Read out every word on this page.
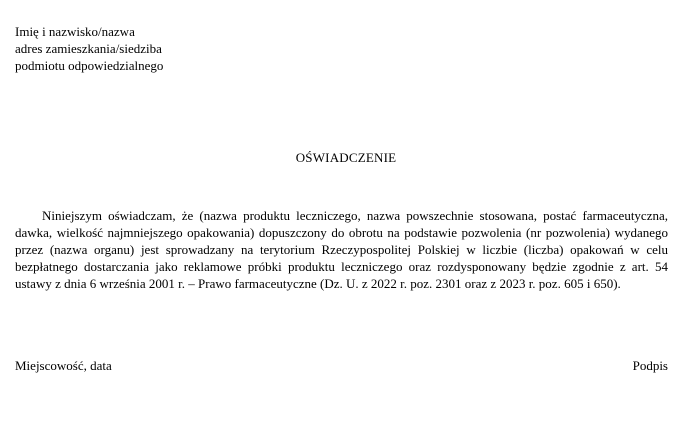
Imię i nazwisko/nazwa
adres zamieszkania/siedziba
podmiotu odpowiedzialnego
OŚWIADCZENIE
Niniejszym oświadczam, że (nazwa produktu leczniczego, nazwa powszechnie stosowana, postać farmaceutyczna, dawka, wielkość najmniejszego opakowania) dopuszczony do obrotu na podstawie pozwolenia (nr pozwolenia) wydanego przez (nazwa organu) jest sprowadzany na terytorium Rzeczypospolitej Polskiej w liczbie (liczba) opakowań w celu bezpłatnego dostarczania jako reklamowe próbki produktu leczniczego oraz rozdysponowany będzie zgodnie z art. 54 ustawy z dnia 6 września 2001 r. – Prawo farmaceutyczne (Dz. U. z 2022 r. poz. 2301 oraz z 2023 r. poz. 605 i 650).
Miejscowość, data	Podpis
